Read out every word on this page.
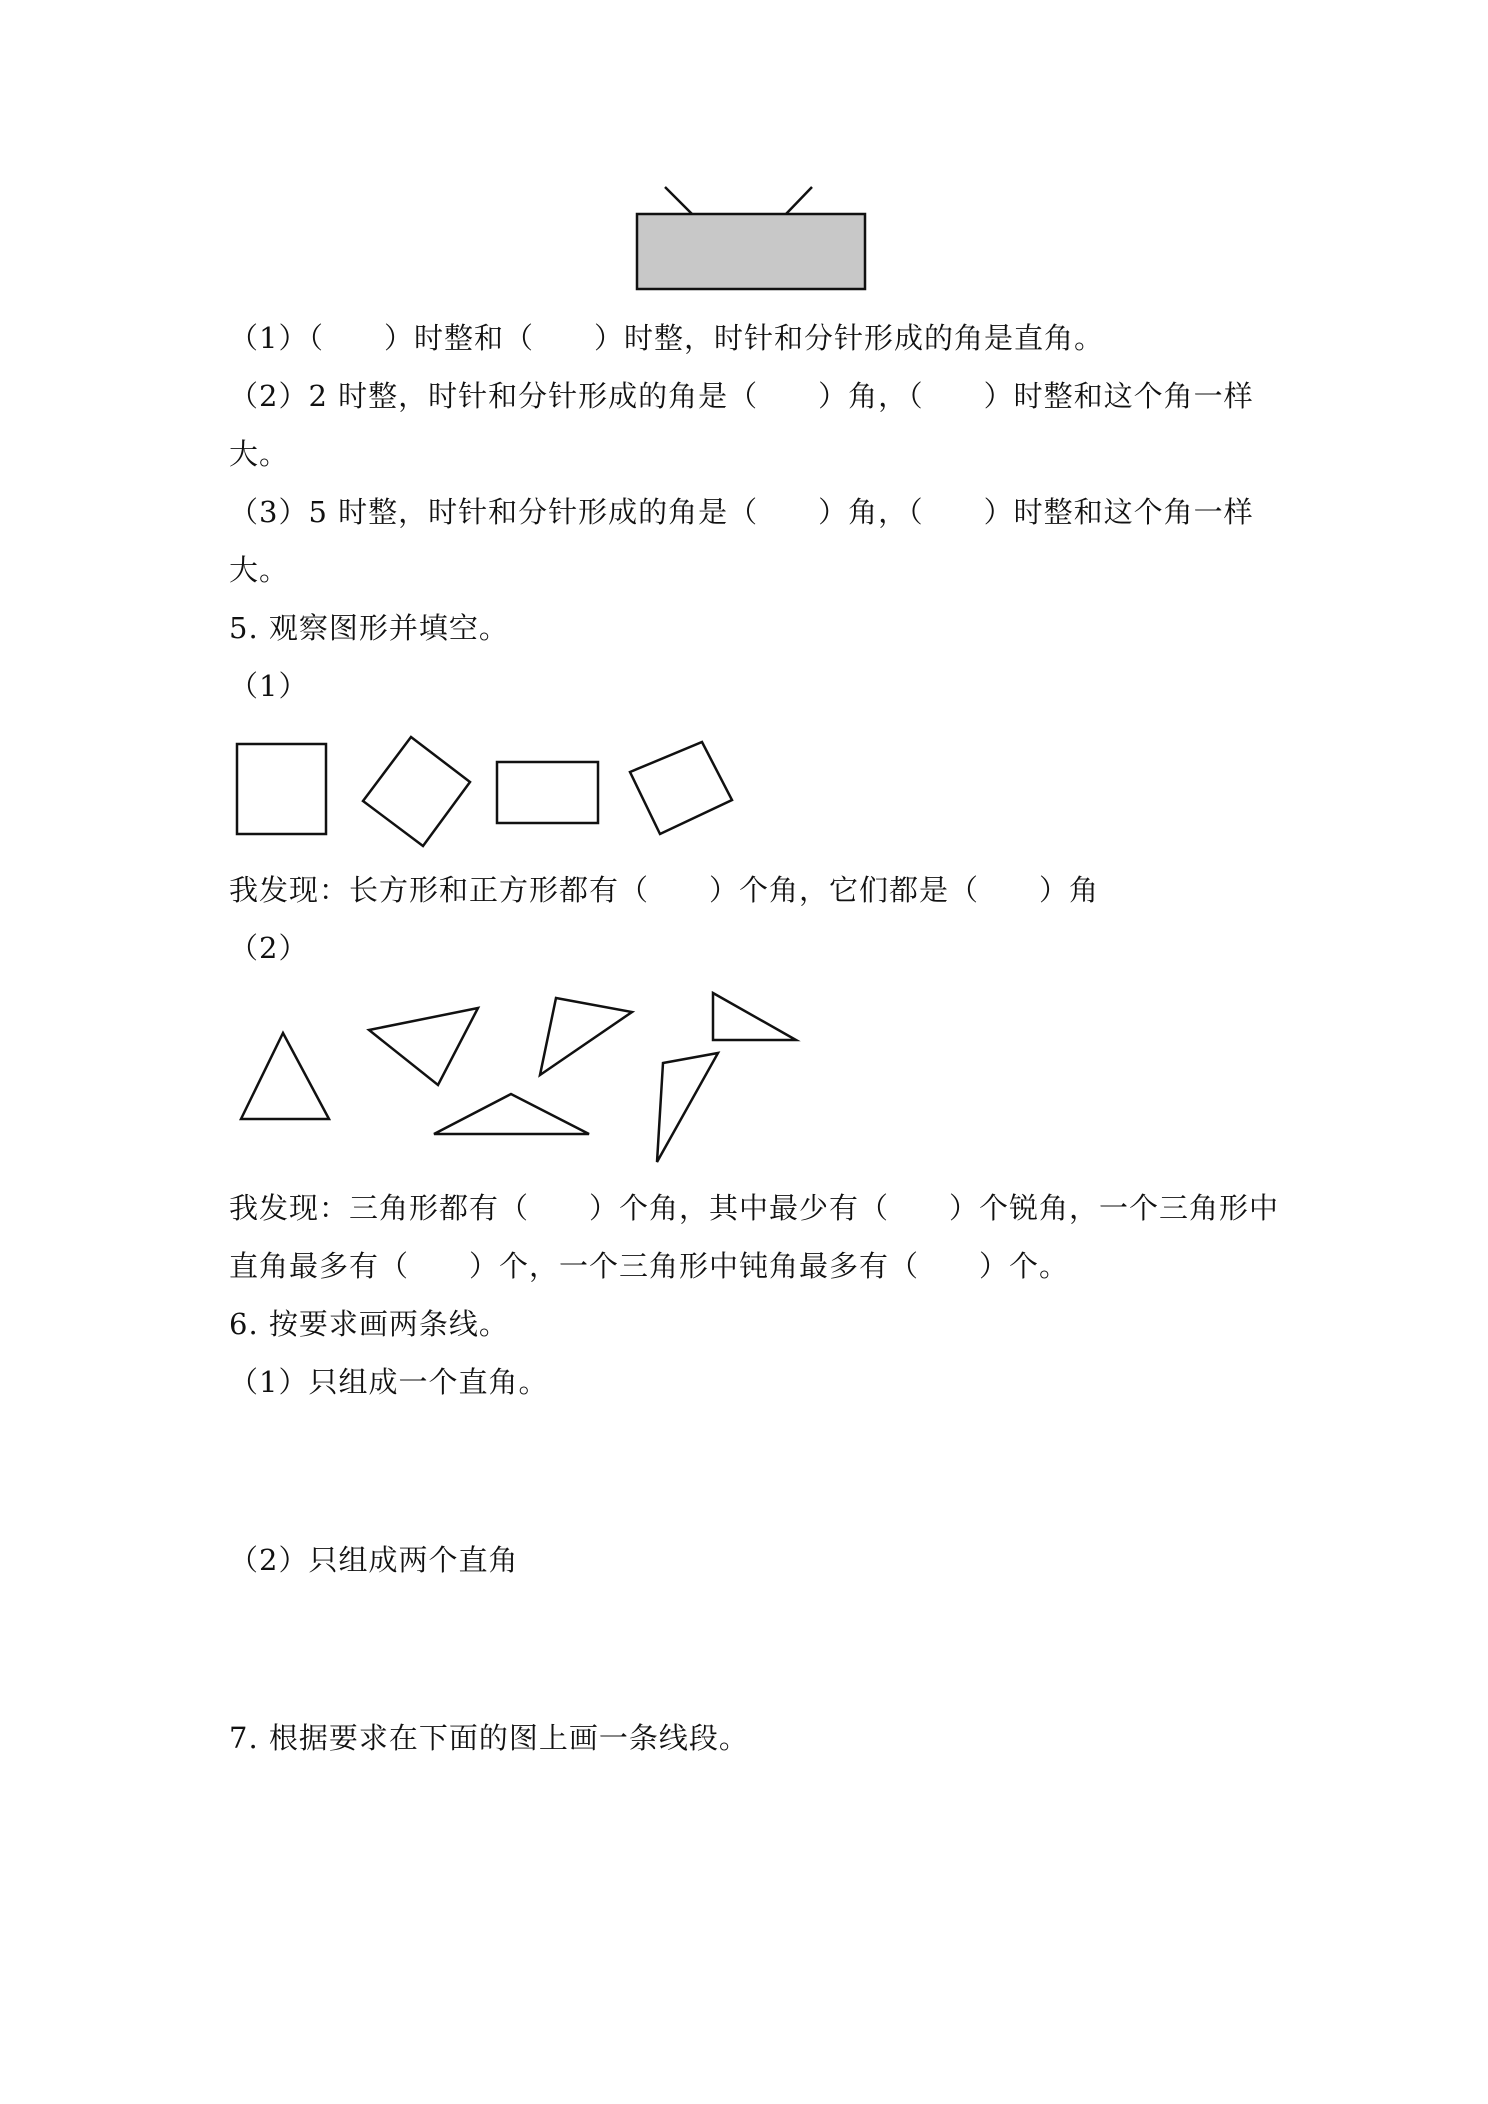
（1）（　　）时整和（　　）时整，时针和分针形成的角是直角。
（2）2 时整，时针和分针形成的角是（　　）角，（　　）时整和这个角一样
大。
（3）5 时整，时针和分针形成的角是（　　）角，（　　）时整和这个角一样
大。
5. 观察图形并填空。
（1）
我发现：长方形和正方形都有（　　）个角，它们都是（　　）角
（2）
我发现：三角形都有（　　）个角，其中最少有（　　）个锐角，一个三角形中
直角最多有（　　）个，一个三角形中钝角最多有（　　）个。
6. 按要求画两条线。
（1）只组成一个直角。
（2）只组成两个直角
7. 根据要求在下面的图上画一条线段。
